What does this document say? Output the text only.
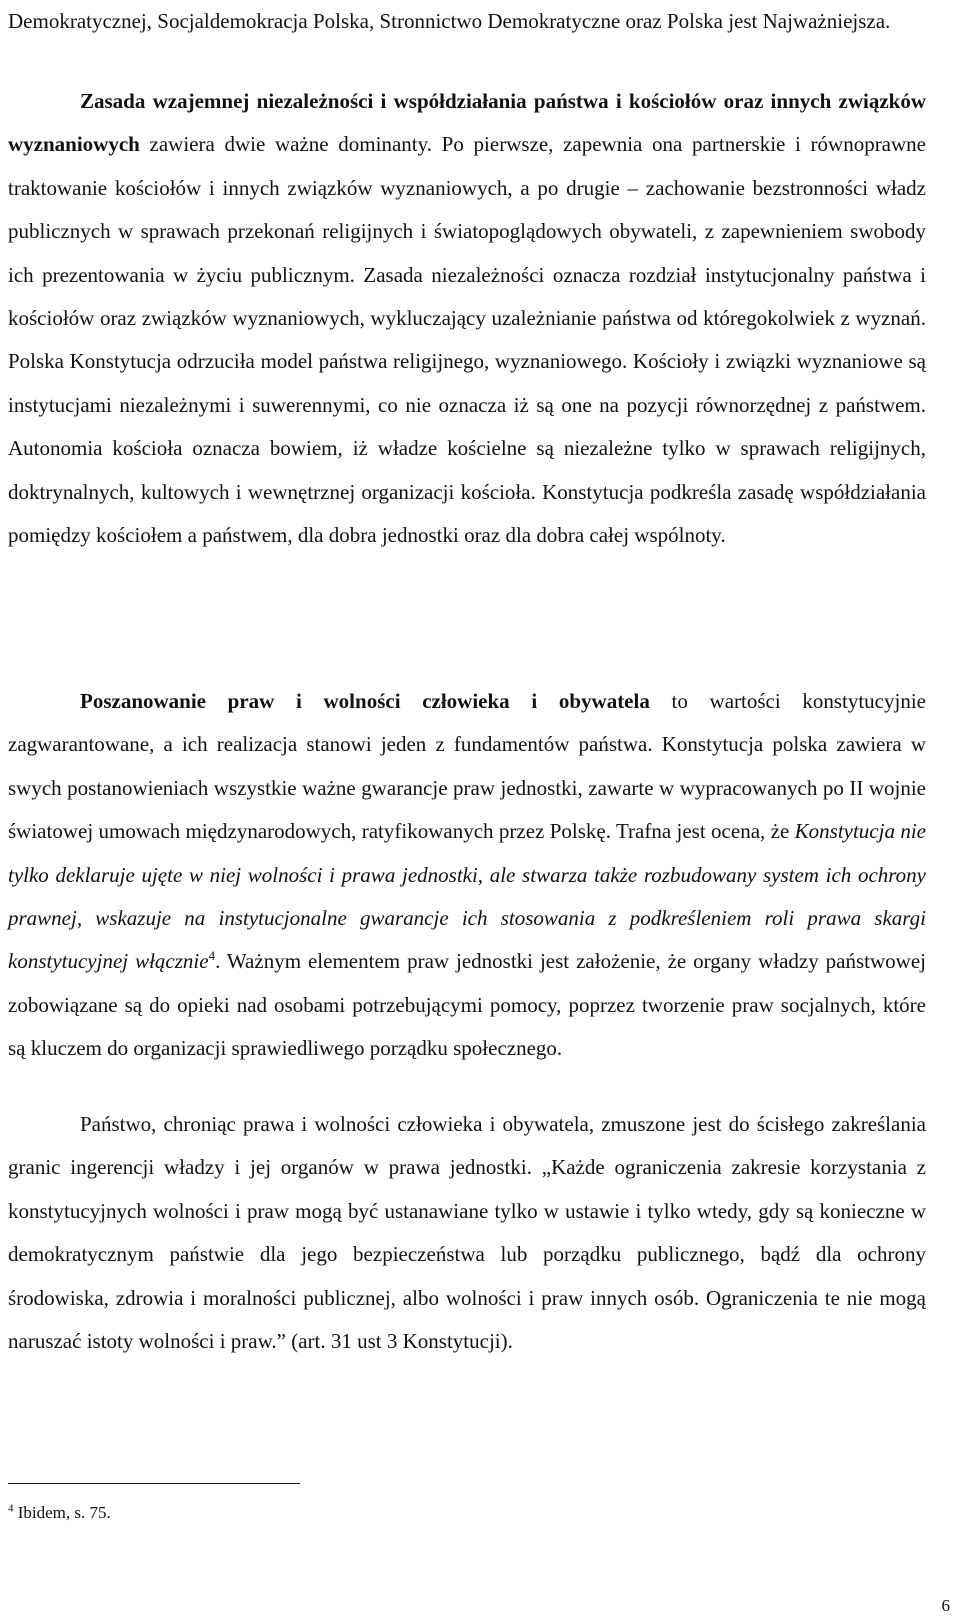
Demokratycznej, Socjaldemokracja Polska, Stronnictwo Demokratyczne oraz Polska jest Najważniejsza.

Zasada wzajemnej niezależności i współdziałania państwa i kościołów oraz innych związków wyznaniowych zawiera dwie ważne dominanty. Po pierwsze, zapewnia ona partnerskie i równoprawne traktowanie kościołów i innych związków wyznaniowych, a po drugie – zachowanie bezstronności władz publicznych w sprawach przekonań religijnych i światopoglądowych obywateli, z zapewnieniem swobody ich prezentowania w życiu publicznym. Zasada niezależności oznacza rozdział instytucjonalny państwa i kościołów oraz związków wyznaniowych, wykluczający uzależnianie państwa od któregokolwiek z wyznań. Polska Konstytucja odrzuciła model państwa religijnego, wyznaniowego. Kościoły i związki wyznaniowe są instytucjami niezależnymi i suwerennymi, co nie oznacza iż są one na pozycji równorzędnej z państwem. Autonomia kościoła oznacza bowiem, iż władze kościelne są niezależne tylko w sprawach religijnych, doktrynalnych, kultowych i wewnętrznej organizacji kościoła. Konstytucja podkreśla zasadę współdziałania pomiędzy kościołem a państwem, dla dobra jednostki oraz dla dobra całej wspólnoty.

Poszanowanie praw i wolności człowieka i obywatela to wartości konstytucyjnie zagwarantowane, a ich realizacja stanowi jeden z fundamentów państwa. Konstytucja polska zawiera w swych postanowieniach wszystkie ważne gwarancje praw jednostki, zawarte w wypracowanych po II wojnie światowej umowach międzynarodowych, ratyfikowanych przez Polskę. Trafna jest ocena, że Konstytucja nie tylko deklaruje ujęte w niej wolności i prawa jednostki, ale stwarza także rozbudowany system ich ochrony prawnej, wskazuje na instytucjonalne gwarancje ich stosowania z podkreśleniem roli prawa skargi konstytucyjnej włącznie$^4$. Ważnym elementem praw jednostki jest założenie, że organy władzy państwowej zobowiązane są do opieki nad osobami potrzebującymi pomocy, poprzez tworzenie praw socjalnych, które są kluczem do organizacji sprawiedliwego porządku społecznego.

Państwo, chroniąc prawa i wolności człowieka i obywatela, zmuszone jest do ścisłego zakreślania granic ingerencji władzy i jej organów w prawa jednostki. „Każde ograniczenia zakresie korzystania z konstytucyjnych wolności i praw mogą być ustanawiane tylko w ustawie i tylko wtedy, gdy są konieczne w demokratycznym państwie dla jego bezpieczeństwa lub porządku publicznego, bądź dla ochrony środowiska, zdrowia i moralności publicznej, albo wolności i praw innych osób. Ograniczenia te nie mogą naruszać istoty wolności i praw.” (art. 31 ust 3 Konstytucji).

$^4$ Ibidem, s. 75.
6
